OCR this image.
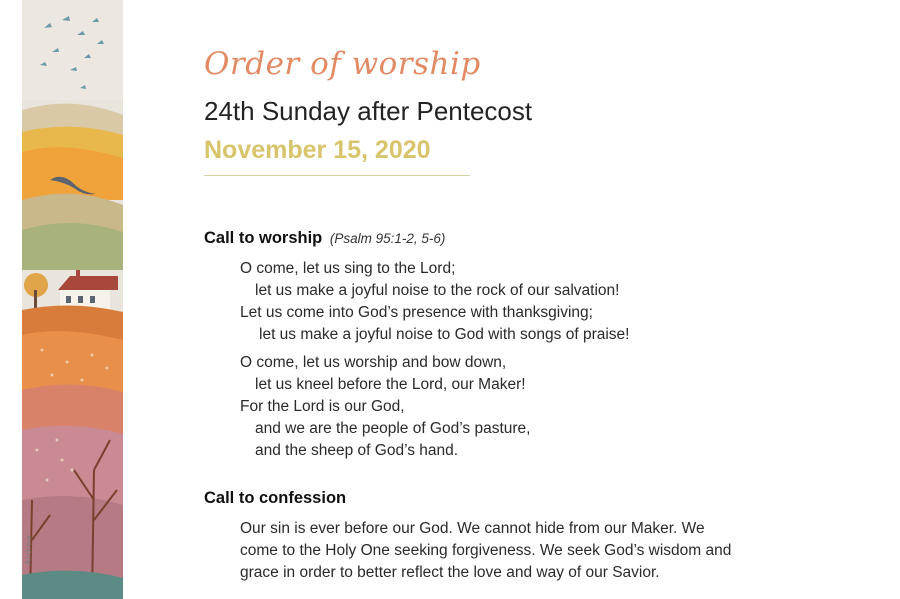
Andrew
Order of worship
24th Sunday after Pentecost
November 15, 2020
Call to worship (Psalm 95:1-2, 5-6)
O come, let us sing to the Lord;
let us make a joyful noise to the rock of our salvation!
Let us come into God’s presence with thanksgiving;
let us make a joyful noise to God with songs of praise!
O come, let us worship and bow down,
let us kneel before the Lord, our Maker!
For the Lord is our God,
and we are the people of God’s pasture,
and the sheep of God’s hand.
Call to confession
Our sin is ever before our God. We cannot hide from our Maker. We come to the Holy One seeking forgiveness. We seek God’s wisdom and grace in order to better reflect the love and way of our Savior.
